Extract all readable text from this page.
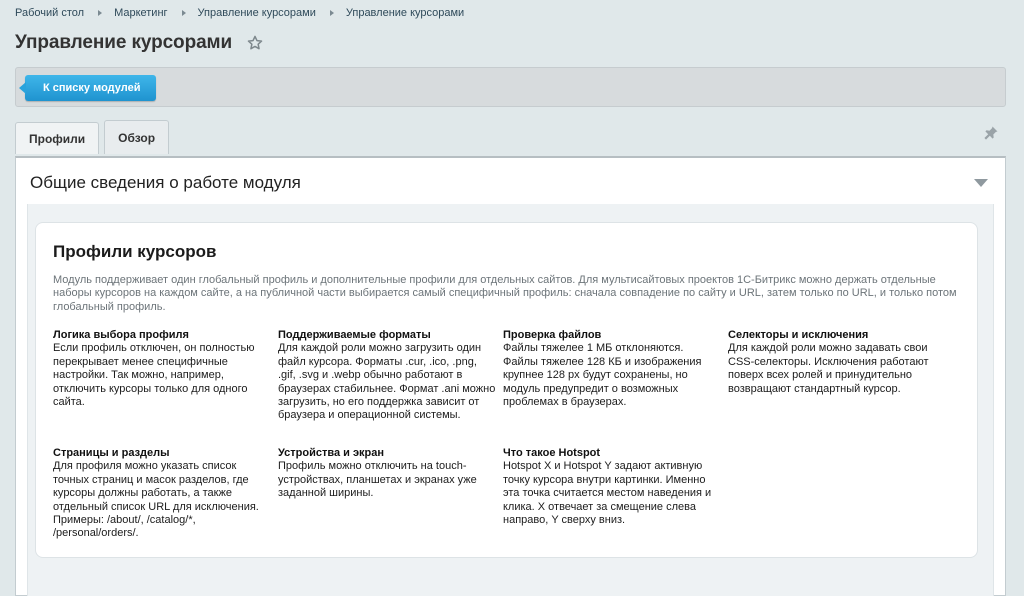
Рабочий стол	Маркетинг	Управление курсорами	Управление курсорами
Управление курсорами
К списку модулей
Профили	Обзор
Общие сведения о работе модуля
Профили курсоров
Модуль поддерживает один глобальный профиль и дополнительные профили для отдельных сайтов. Для мультисайтовых проектов 1С-Битрикс можно держать отдельные наборы курсоров на каждом сайте, а на публичной части выбирается самый специфичный профиль: сначала совпадение по сайту и URL, затем только по URL, и только потом глобальный профиль.
Логика выбора профиля

Если профиль отключен, он полностью перекрывает менее специфичные настройки. Так можно, например, отключить курсоры только для одного сайта.

Поддерживаемые форматы

Для каждой роли можно загрузить один файл курсора. Форматы .cur, .ico, .png, .gif, .svg и .webp обычно работают в браузерах стабильнее. Формат .ani можно загрузить, но его поддержка зависит от браузера и операционной системы.

Проверка файлов

Файлы тяжелее 1 МБ отклоняются. Файлы тяжелее 128 КБ и изображения крупнее 128 px будут сохранены, но модуль предупредит о возможных проблемах в браузерах.

Селекторы и исключения

Для каждой роли можно задавать свои CSS-селекторы. Исключения работают поверх всех ролей и принудительно возвращают стандартный курсор.

Страницы и разделы

Для профиля можно указать список точных страниц и масок разделов, где курсоры должны работать, а также отдельный список URL для исключения. Примеры: /about/, /catalog/*, /personal/orders/.

Устройства и экран

Профиль можно отключить на touch-устройствах, планшетах и экранах уже заданной ширины.

Что такое Hotspot

Hotspot X и Hotspot Y задают активную точку курсора внутри картинки. Именно эта точка считается местом наведения и клика. X отвечает за смещение слева направо, Y сверху вниз.
